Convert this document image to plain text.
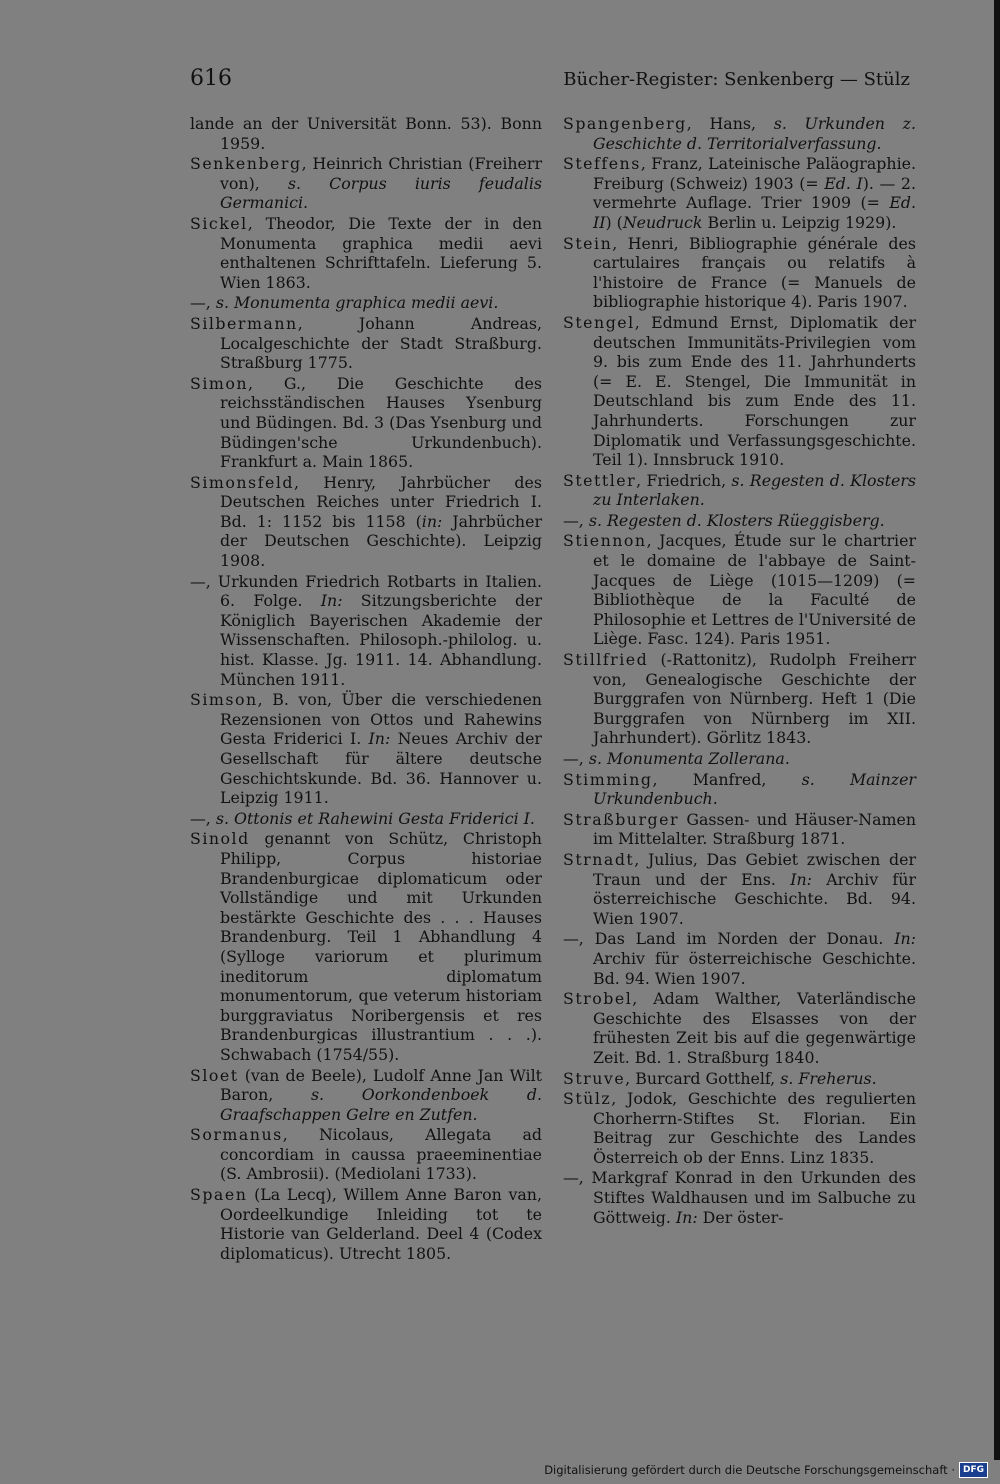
616	Bücher-Register: Senkenberg — Stülz

lande an der Universität Bonn. 53). Bonn 1959.

Senkenberg, Heinrich Christian (Freiherr von), s. Corpus iuris feudalis Germanici.

Sickel, Theodor, Die Texte der in den Monumenta graphica medii aevi enthaltenen Schrifttafeln. Lieferung 5. Wien 1863.

—, s. Monumenta graphica medii aevi.

Silbermann, Johann Andreas, Localgeschichte der Stadt Straßburg. Straßburg 1775.

Simon, G., Die Geschichte des reichsständischen Hauses Ysenburg und Büdingen. Bd. 3 (Das Ysenburg und Büdingen'sche Urkundenbuch). Frankfurt a. Main 1865.

Simonsfeld, Henry, Jahrbücher des Deutschen Reiches unter Friedrich I. Bd. 1: 1152 bis 1158 (in: Jahrbücher der Deutschen Geschichte). Leipzig 1908.

—, Urkunden Friedrich Rotbarts in Italien. 6. Folge. In: Sitzungsberichte der Königlich Bayerischen Akademie der Wissenschaften. Philosoph.-philolog. u. hist. Klasse. Jg. 1911. 14. Abhandlung. München 1911.

Simson, B. von, Über die verschiedenen Rezensionen von Ottos und Rahewins Gesta Friderici I. In: Neues Archiv der Gesellschaft für ältere deutsche Geschichtskunde. Bd. 36. Hannover u. Leipzig 1911.

—, s. Ottonis et Rahewini Gesta Friderici I.

Sinold genannt von Schütz, Christoph Philipp, Corpus historiae Brandenburgicae diplomaticum oder Vollständige und mit Urkunden bestärkte Geschichte des . . . Hauses Brandenburg. Teil 1 Abhandlung 4 (Sylloge variorum et plurimum ineditorum diplomatum monumentorum, que veterum historiam burggraviatus Noribergensis et res Brandenburgicas illustrantium . . .). Schwabach (1754/55).

Sloet (van de Beele), Ludolf Anne Jan Wilt Baron, s. Oorkondenboek d. Graafschappen Gelre en Zutfen.

Sormanus, Nicolaus, Allegata ad concordiam in caussa praeeminentiae (S. Ambrosii). (Mediolani 1733).

Spaen (La Lecq), Willem Anne Baron van, Oordeelkundige Inleiding tot te Historie van Gelderland. Deel 4 (Codex diplomaticus). Utrecht 1805.

Spangenberg, Hans, s. Urkunden z. Geschichte d. Territorialverfassung.

Steffens, Franz, Lateinische Paläographie. Freiburg (Schweiz) 1903 (= Ed. I). — 2. vermehrte Auflage. Trier 1909 (= Ed. II) (Neudruck Berlin u. Leipzig 1929).

Stein, Henri, Bibliographie générale des cartulaires français ou relatifs à l'histoire de France (= Manuels de bibliographie historique 4). Paris 1907.

Stengel, Edmund Ernst, Diplomatik der deutschen Immunitäts-Privilegien vom 9. bis zum Ende des 11. Jahrhunderts (= E. E. Stengel, Die Immunität in Deutschland bis zum Ende des 11. Jahrhunderts. Forschungen zur Diplomatik und Verfassungsgeschichte. Teil 1). Innsbruck 1910.

Stettler, Friedrich, s. Regesten d. Klosters zu Interlaken.

—, s. Regesten d. Klosters Rüeggisberg.

Stiennon, Jacques, Étude sur le chartrier et le domaine de l'abbaye de Saint-Jacques de Liège (1015—1209) (= Bibliothèque de la Faculté de Philosophie et Lettres de l'Université de Liège. Fasc. 124). Paris 1951.

Stillfried (-Rattonitz), Rudolph Freiherr von, Genealogische Geschichte der Burggrafen von Nürnberg. Heft 1 (Die Burggrafen von Nürnberg im XII. Jahrhundert). Görlitz 1843.

—, s. Monumenta Zollerana.

Stimming, Manfred, s. Mainzer Urkundenbuch.

Straßburger Gassen- und Häuser-Namen im Mittelalter. Straßburg 1871.

Strnadt, Julius, Das Gebiet zwischen der Traun und der Ens. In: Archiv für österreichische Geschichte. Bd. 94. Wien 1907.

—, Das Land im Norden der Donau. In: Archiv für österreichische Geschichte. Bd. 94. Wien 1907.

Strobel, Adam Walther, Vaterländische Geschichte des Elsasses von der frühesten Zeit bis auf die gegenwärtige Zeit. Bd. 1. Straßburg 1840.

Struve, Burcard Gotthelf, s. Freherus.

Stülz, Jodok, Geschichte des regulierten Chorherrn-Stiftes St. Florian. Ein Beitrag zur Geschichte des Landes Österreich ob der Enns. Linz 1835.

—, Markgraf Konrad in den Urkunden des Stiftes Waldhausen und im Salbuche zu Göttweig. In: Der öster-

Digitalisierung gefördert durch die Deutsche Forschungsgemeinschaft · DFG
